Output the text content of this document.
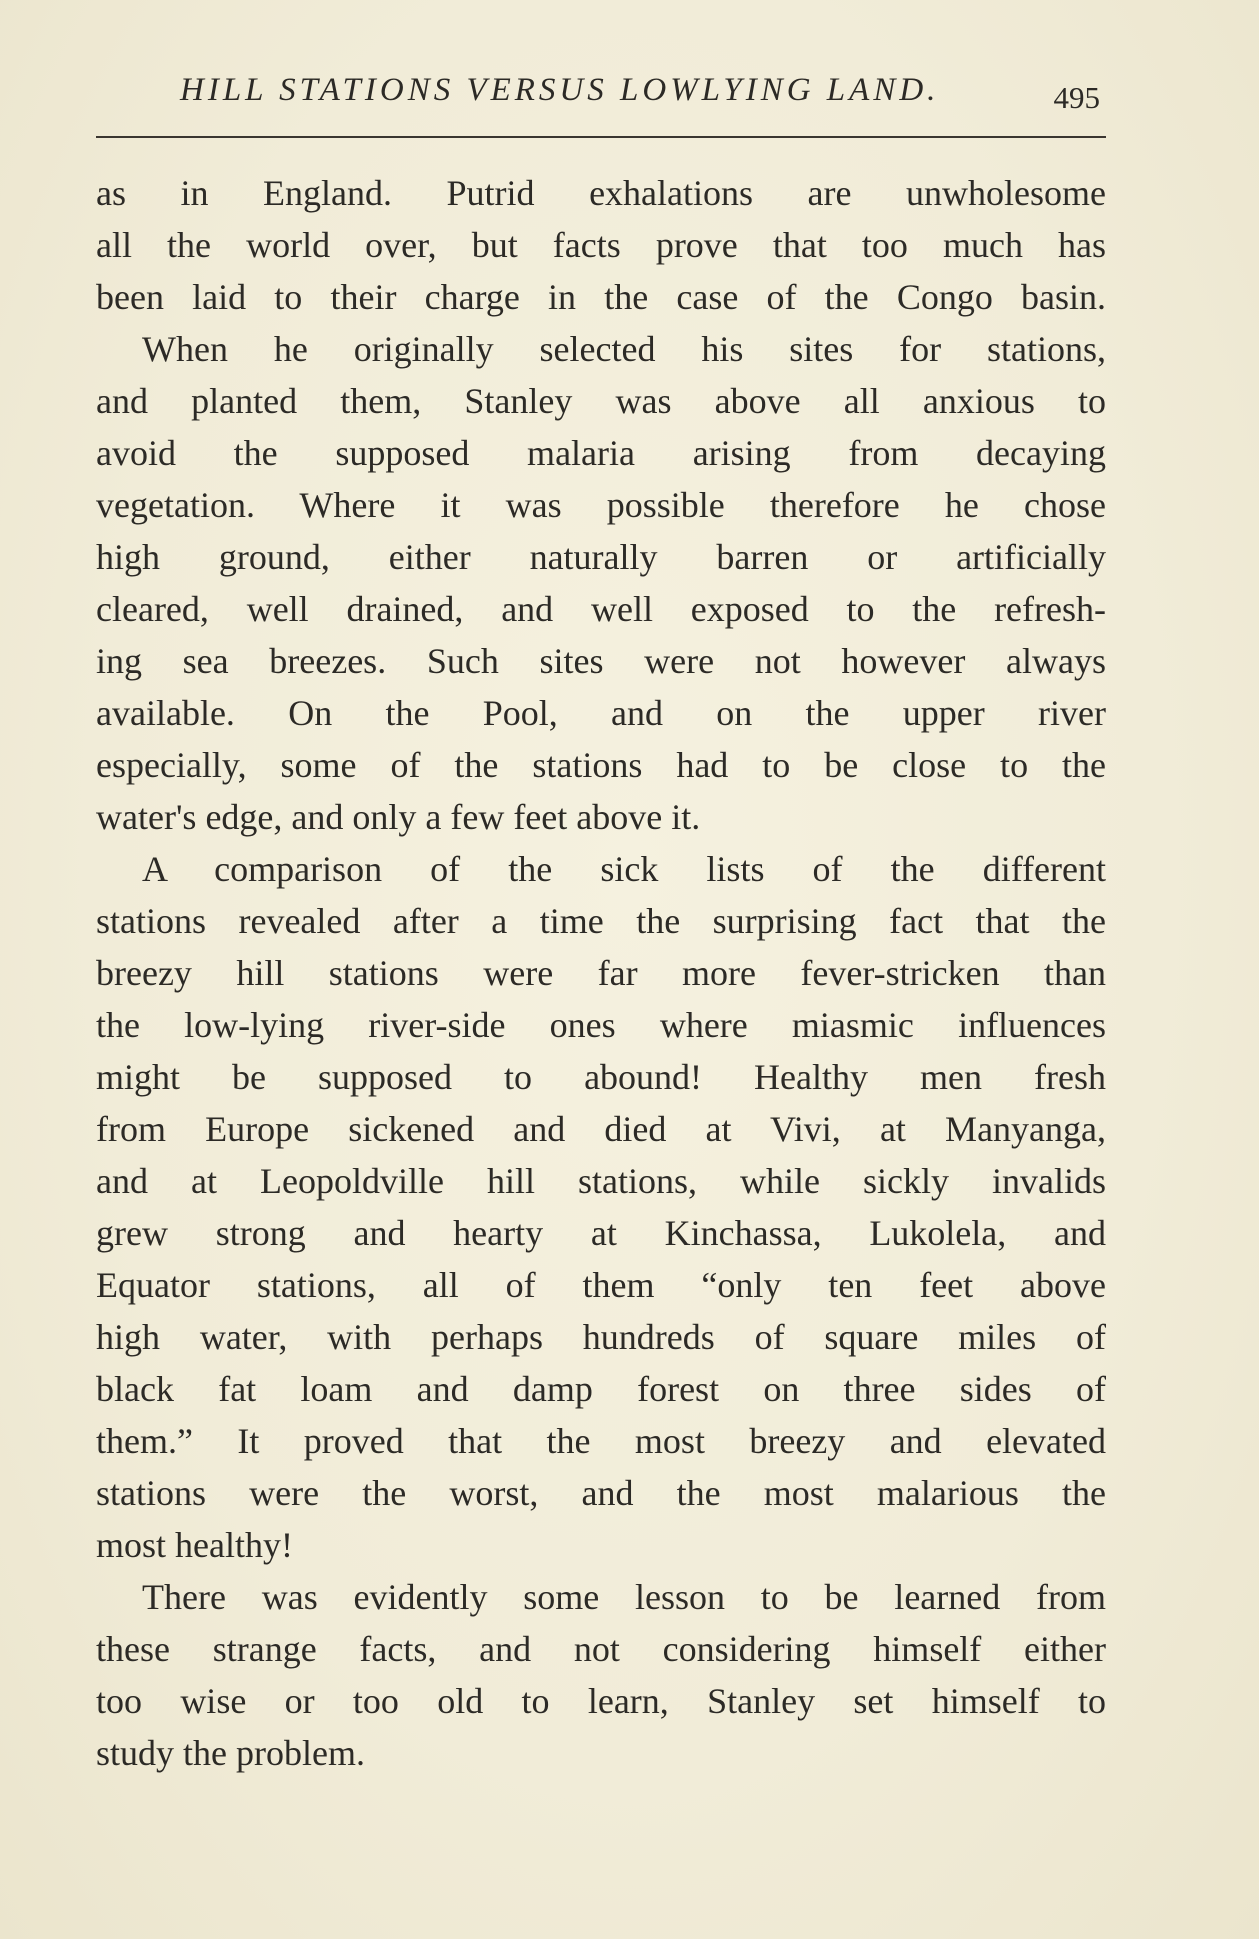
HILL STATIONS VERSUS LOWLYING LAND.	495
as in England. Putrid exhalations are unwholesome
all the world over, but facts prove that too much has
been laid to their charge in the case of the Congo basin.
When he originally selected his sites for stations,
and planted them, Stanley was above all anxious to
avoid the supposed malaria arising from decaying
vegetation. Where it was possible therefore he chose
high ground, either naturally barren or artificially
cleared, well drained, and well exposed to the refresh-
ing sea breezes. Such sites were not however always
available. On the Pool, and on the upper river
especially, some of the stations had to be close to the
water's edge, and only a few feet above it.
A comparison of the sick lists of the different
stations revealed after a time the surprising fact that the
breezy hill stations were far more fever-stricken than
the low-lying river-side ones where miasmic influences
might be supposed to abound! Healthy men fresh
from Europe sickened and died at Vivi, at Manyanga,
and at Leopoldville hill stations, while sickly invalids
grew strong and hearty at Kinchassa, Lukolela, and
Equator stations, all of them “only ten feet above
high water, with perhaps hundreds of square miles of
black fat loam and damp forest on three sides of
them.” It proved that the most breezy and elevated
stations were the worst, and the most malarious the
most healthy!
There was evidently some lesson to be learned from
these strange facts, and not considering himself either
too wise or too old to learn, Stanley set himself to
study the problem.
